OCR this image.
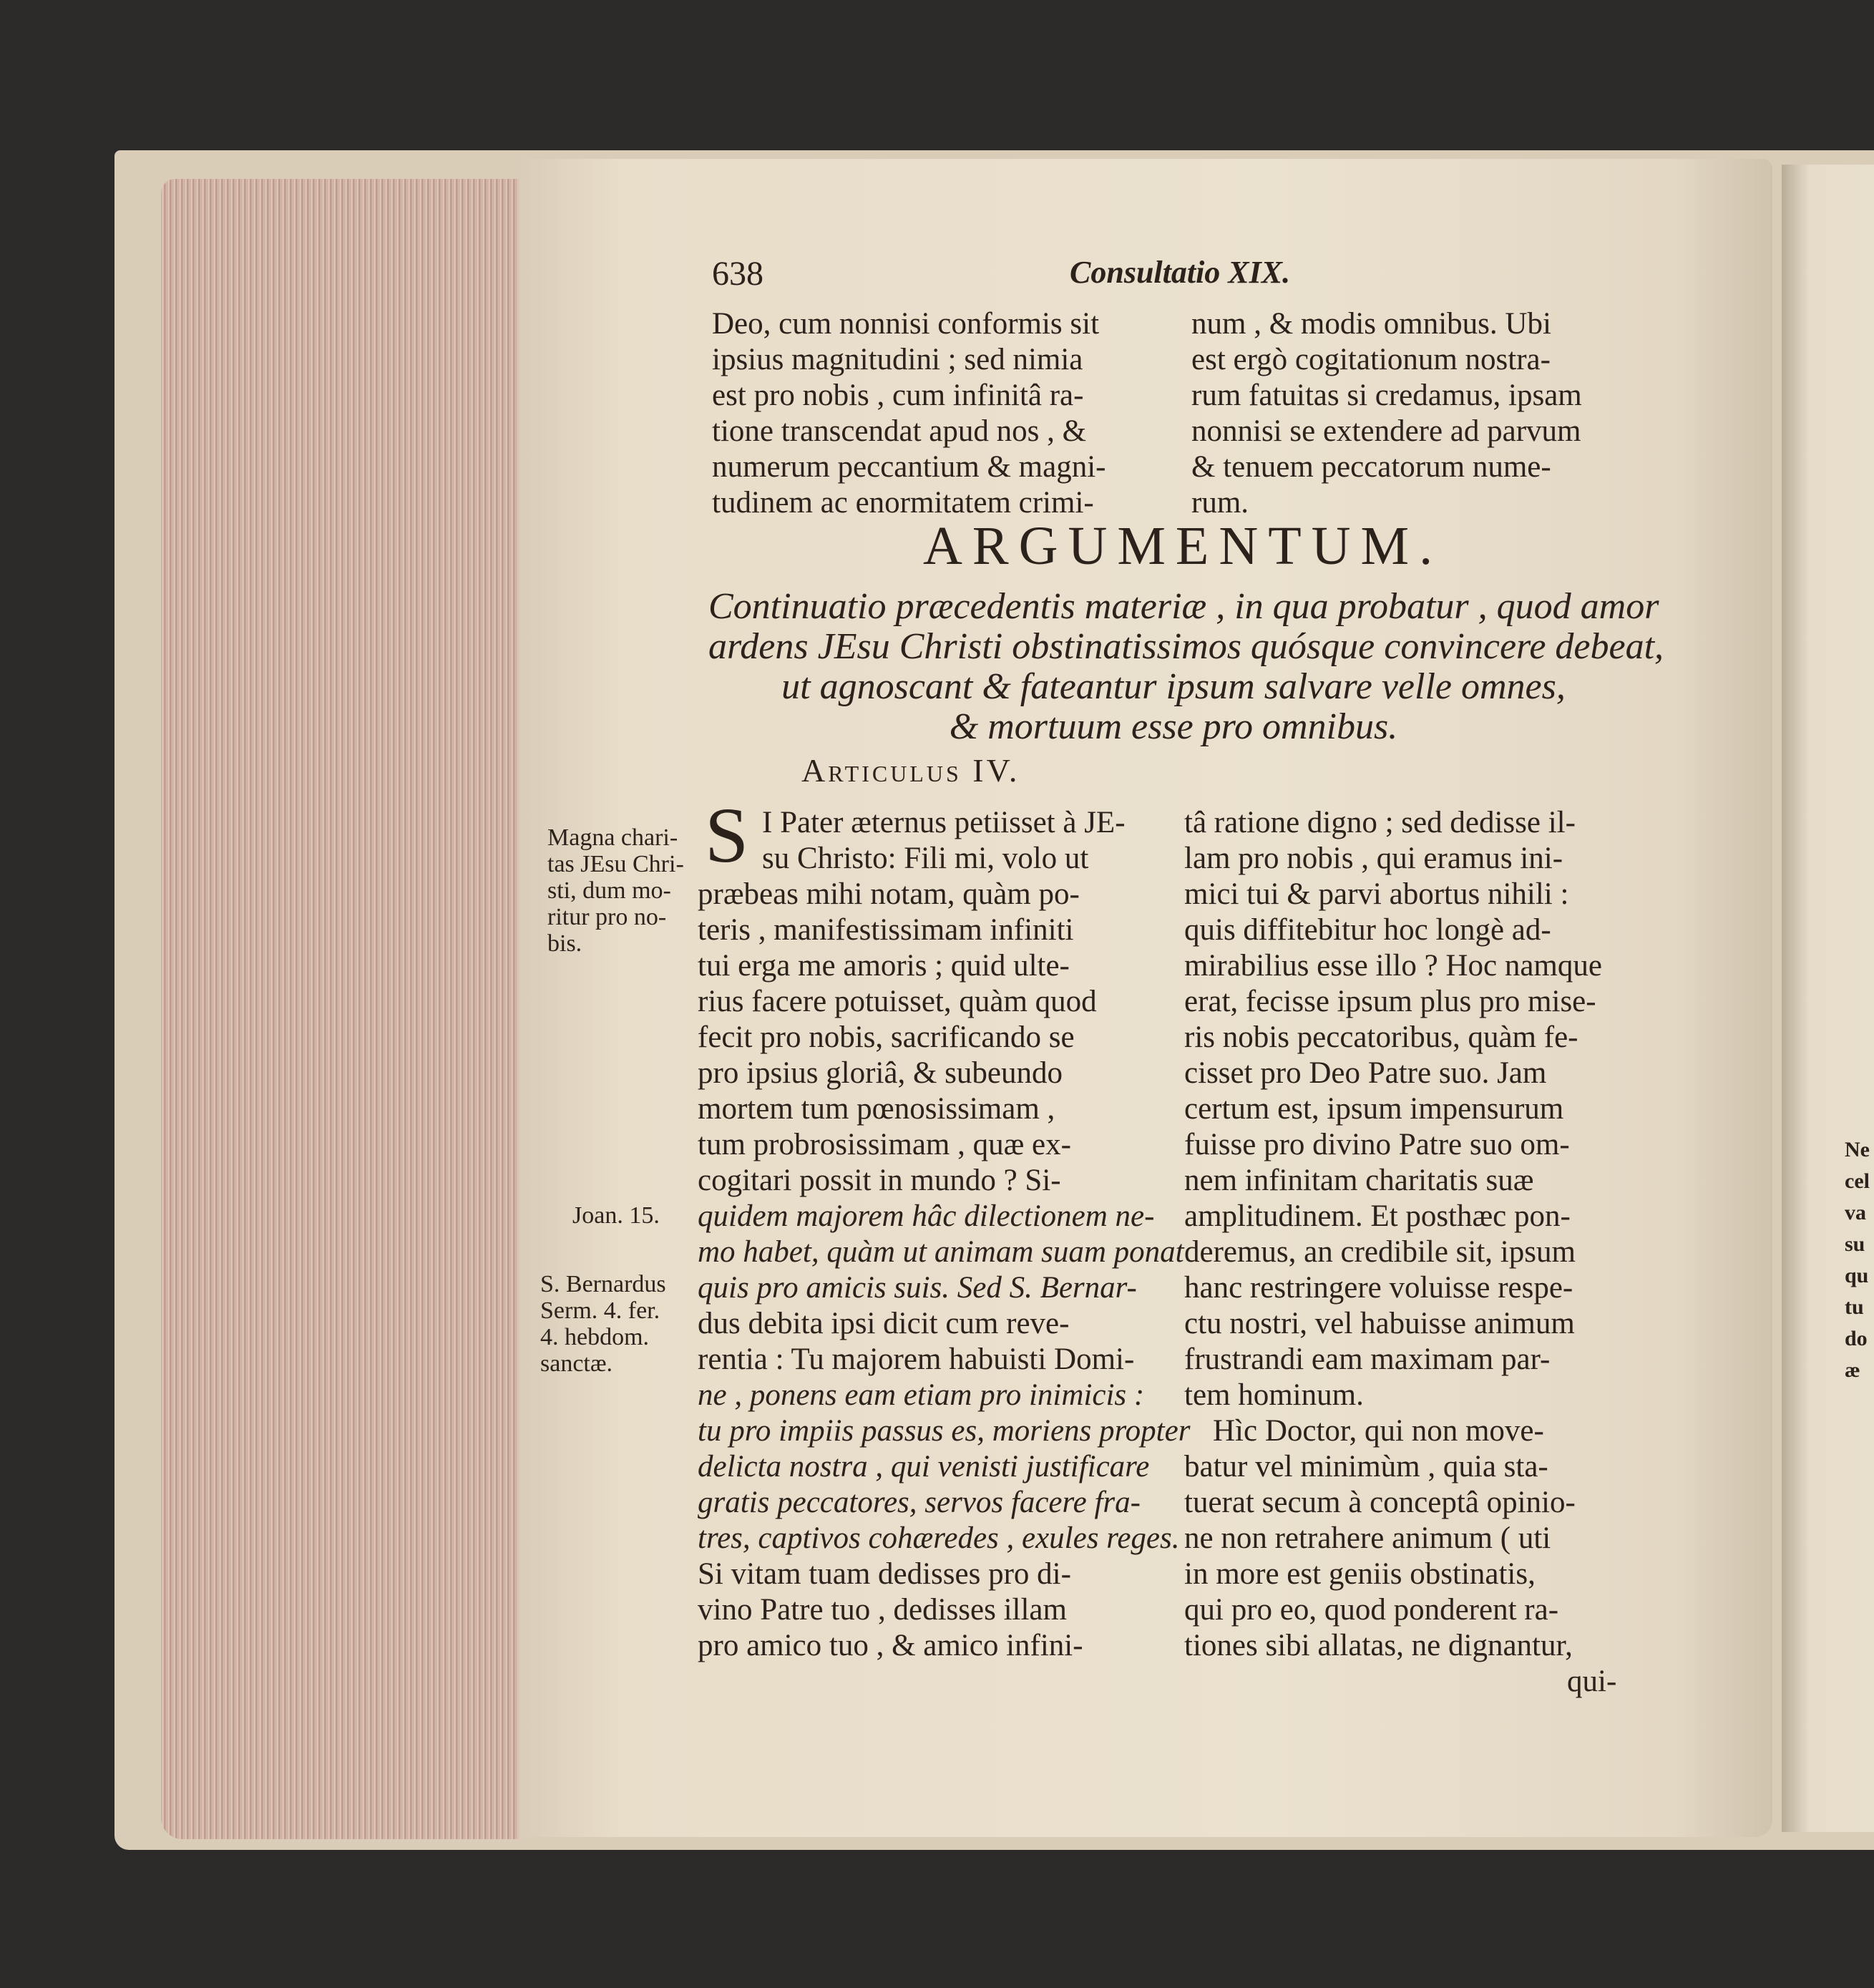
638	Consultatio XIX.
Deo, cum nonnisi conformis sit
ipsius magnitudini ; sed nimia
est pro nobis , cum infinitâ ra-
tione transcendat apud nos , &
numerum peccantium & magni-
tudinem ac enormitatem crimi-
num , & modis omnibus. Ubi
est ergò cogitationum nostra-
rum fatuitas si credamus, ipsam
nonnisi se extendere ad parvum
& tenuem peccatorum nume-
rum.
ARGUMENTUM.
Continuatio præcedentis materiæ , in qua probatur , quod amor
ardens JEsu Christi obstinatissimos quósque convincere debeat,
ut agnoscant & fateantur ipsum salvare velle omnes,
& mortuum esse pro omnibus.
Articulus IV.
S I Pater æternus petiisset à JE-
su Christo: Fili mi, volo ut
præbeas mihi notam, quàm po-
teris , manifestissimam infiniti
tui erga me amoris ; quid ulte-
rius facere potuisset, quàm quod
fecit pro nobis, sacrificando se
pro ipsius gloriâ, & subeundo
mortem tum pœnosissimam ,
tum probrosissimam , quæ ex-
cogitari possit in mundo ? Si-
quidem majorem hâc dilectionem ne-
mo habet, quàm ut animam suam ponat
quis pro amicis suis. Sed S. Bernar-
dus debita ipsi dicit cum reve-
rentia : Tu majorem habuisti Domi-
ne , ponens eam etiam pro inimicis :
tu pro impiis passus es, moriens propter
delicta nostra , qui venisti justificare
gratis peccatores, servos facere fra-
tres, captivos cohæredes , exules reges.
Si vitam tuam dedisses pro di-
vino Patre tuo , dedisses illam
pro amico tuo , & amico infini-
tâ ratione digno ; sed dedisse il-
lam pro nobis , qui eramus ini-
mici tui & parvi abortus nihili :
quis diffitebitur hoc longè ad-
mirabilius esse illo ? Hoc namque
erat, fecisse ipsum plus pro mise-
ris nobis peccatoribus, quàm fe-
cisset pro Deo Patre suo. Jam
certum est, ipsum impensurum
fuisse pro divino Patre suo om-
nem infinitam charitatis suæ
amplitudinem. Et posthæc pon-
deremus, an credibile sit, ipsum
hanc restringere voluisse respe-
ctu nostri, vel habuisse animum
frustrandi eam maximam par-
tem hominum.
Hìc Doctor, qui non move-
batur vel minimùm , quia sta-
tuerat secum à conceptâ opinio-
ne non retrahere animum ( uti
in more est geniis obstinatis,
qui pro eo, quod ponderent ra-
tiones sibi allatas, ne dignantur,
qui-
Magna chari-
tas JEsu Chri-
sti, dum mo-
ritur pro no-
bis.
Joan. 15.
S. Bernardus
Serm. 4. fer.
4. hebdom.
sanctæ.
Ne
cel
va
su
qu
tu
do
æ
